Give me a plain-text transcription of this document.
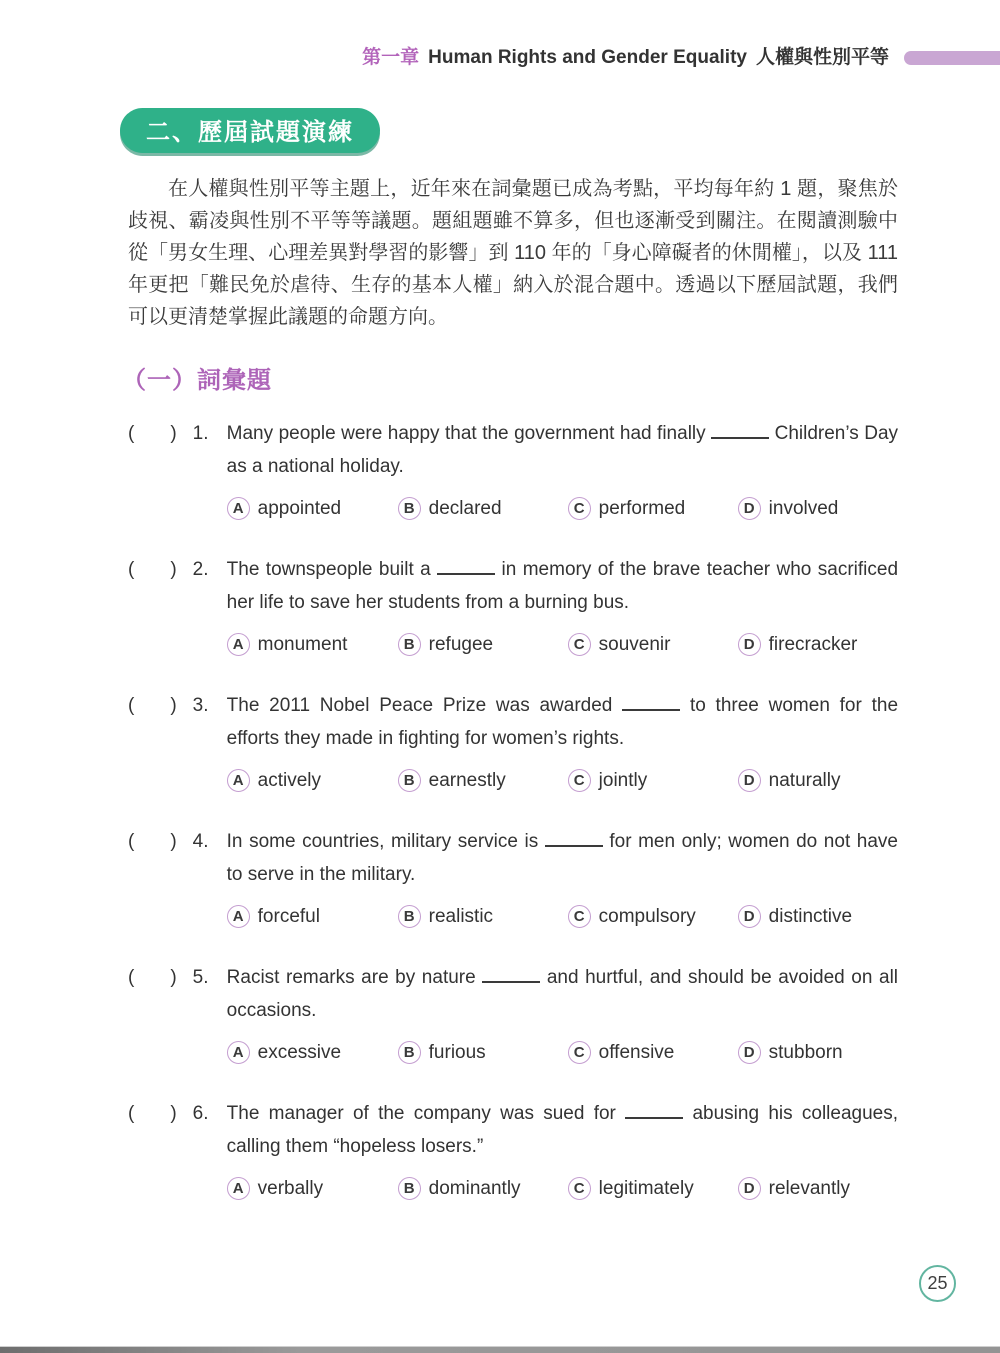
第一章 Human Rights and Gender Equality 人權與性別平等
二、歷屆試題演練

在人權與性別平等主題上，近年來在詞彙題已成為考點，平均每年約 1 題，聚焦於歧視、霸凌與性別不平等等議題。題組題雖不算多，但也逐漸受到關注。在閱讀測驗中從「男女生理、心理差異對學習的影響」到 110 年的「身心障礙者的休閒權」，以及 111 年更把「難民免於虐待、生存的基本人權」納入於混合題中。透過以下歷屆試題，我們可以更清楚掌握此議題的命題方向。

（一）詞彙題
( ) 1. Many people were happy that the government had finally	Children’s Day as a national holiday.

A appointed	B declared	C performed	D involved
( ) 2. The townspeople built a	in memory of the brave teacher who sacrificed her life to save her students from a burning bus.

A monument	B refugee	C souvenir	D firecracker
( ) 3. The 2011 Nobel Peace Prize was awarded	to three women for the efforts they made in fighting for women’s rights.

A actively	B earnestly	C jointly	D naturally
( ) 4. In some countries, military service is	for men only; women do not have to serve in the military.

A forceful	B realistic	C compulsory	D distinctive
( ) 5. Racist remarks are by nature	and hurtful, and should be avoided on all occasions.

A excessive	B furious	C offensive	D stubborn
( ) 6. The manager of the company was sued for	abusing his colleagues, calling them “hopeless losers.”

A verbally	B dominantly	C legitimately	D relevantly
25
